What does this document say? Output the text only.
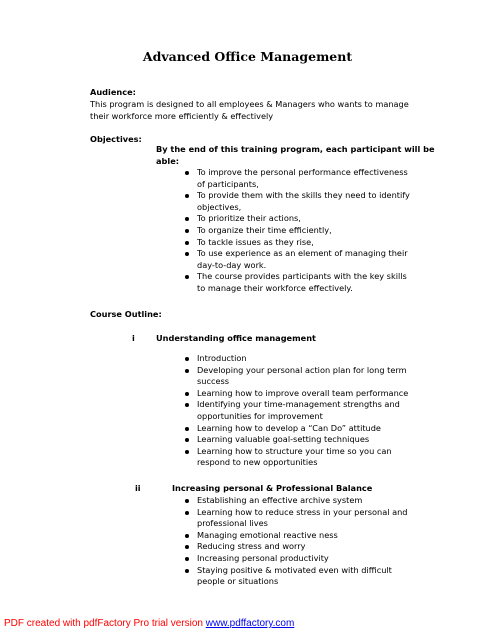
Advanced Office Management
Audience:
This program is designed to all employees & Managers who wants to manage their workforce more efficiently & effectively
Objectives:
By the end of this training program, each participant will be able:
To improve the personal performance effectiveness of participants,
To provide them with the skills they need to identify objectives,
To prioritize their actions,
To organize their time efficiently,
To tackle issues as they rise,
To use experience as an element of managing their day-to-day work.
The course provides participants with the key skills to manage their workforce effectively.
Course Outline:
i	Understanding office management
Introduction
Developing your personal action plan for long term success
Learning how to improve overall team performance
Identifying your time-management strengths and opportunities for improvement
Learning how to develop a “Can Do” attitude
Learning valuable goal-setting techniques
Learning how to structure your time so you can respond to new opportunities
ii	Increasing personal & Professional Balance
Establishing an effective archive system
Learning how to reduce stress in your personal and professional lives
Managing emotional reactive ness
Reducing stress and worry
Increasing personal productivity
Staying positive & motivated even with difficult people or situations
PDF created with pdfFactory Pro trial version www.pdffactory.com
